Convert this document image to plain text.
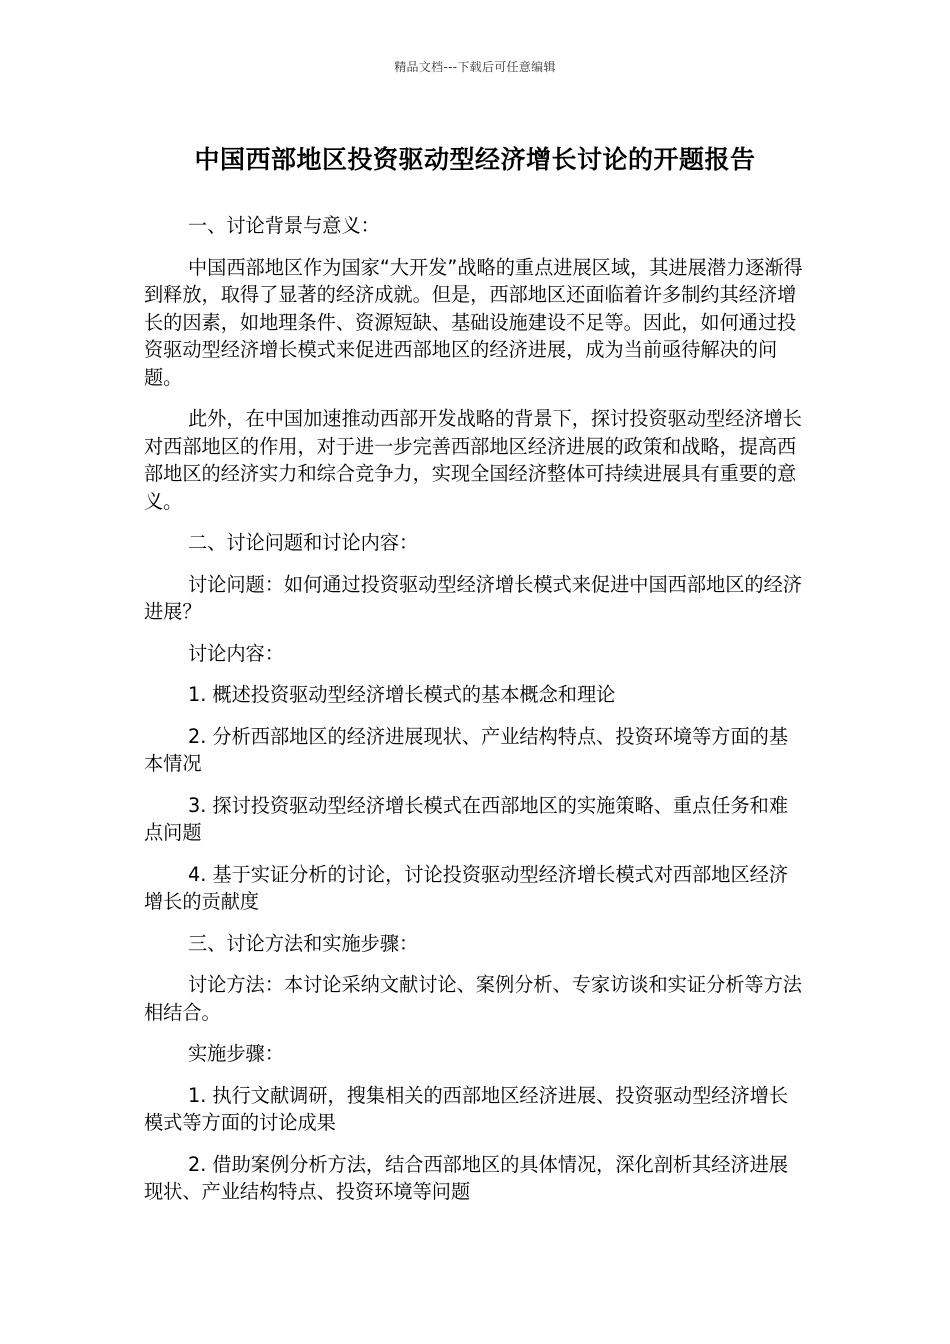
精品文档---下载后可任意编辑
中国西部地区投资驱动型经济增长讨论的开题报告

一、讨论背景与意义：

中国西部地区作为国家“大开发”战略的重点进展区域，其进展潜力逐渐得到释放，取得了显著的经济成就。但是，西部地区还面临着许多制约其经济增长的因素，如地理条件、资源短缺、基础设施建设不足等。因此，如何通过投资驱动型经济增长模式来促进西部地区的经济进展，成为当前亟待解决的问题。

此外，在中国加速推动西部开发战略的背景下，探讨投资驱动型经济增长对西部地区的作用，对于进一步完善西部地区经济进展的政策和战略，提高西部地区的经济实力和综合竞争力，实现全国经济整体可持续进展具有重要的意义。

二、讨论问题和讨论内容：

讨论问题：如何通过投资驱动型经济增长模式来促进中国西部地区的经济进展？

讨论内容：

1. 概述投资驱动型经济增长模式的基本概念和理论

2. 分析西部地区的经济进展现状、产业结构特点、投资环境等方面的基本情况

3. 探讨投资驱动型经济增长模式在西部地区的实施策略、重点任务和难点问题

4. 基于实证分析的讨论，讨论投资驱动型经济增长模式对西部地区经济增长的贡献度

三、讨论方法和实施步骤：

讨论方法：本讨论采纳文献讨论、案例分析、专家访谈和实证分析等方法相结合。

实施步骤：

1. 执行文献调研，搜集相关的西部地区经济进展、投资驱动型经济增长模式等方面的讨论成果

2. 借助案例分析方法，结合西部地区的具体情况，深化剖析其经济进展现状、产业结构特点、投资环境等问题
